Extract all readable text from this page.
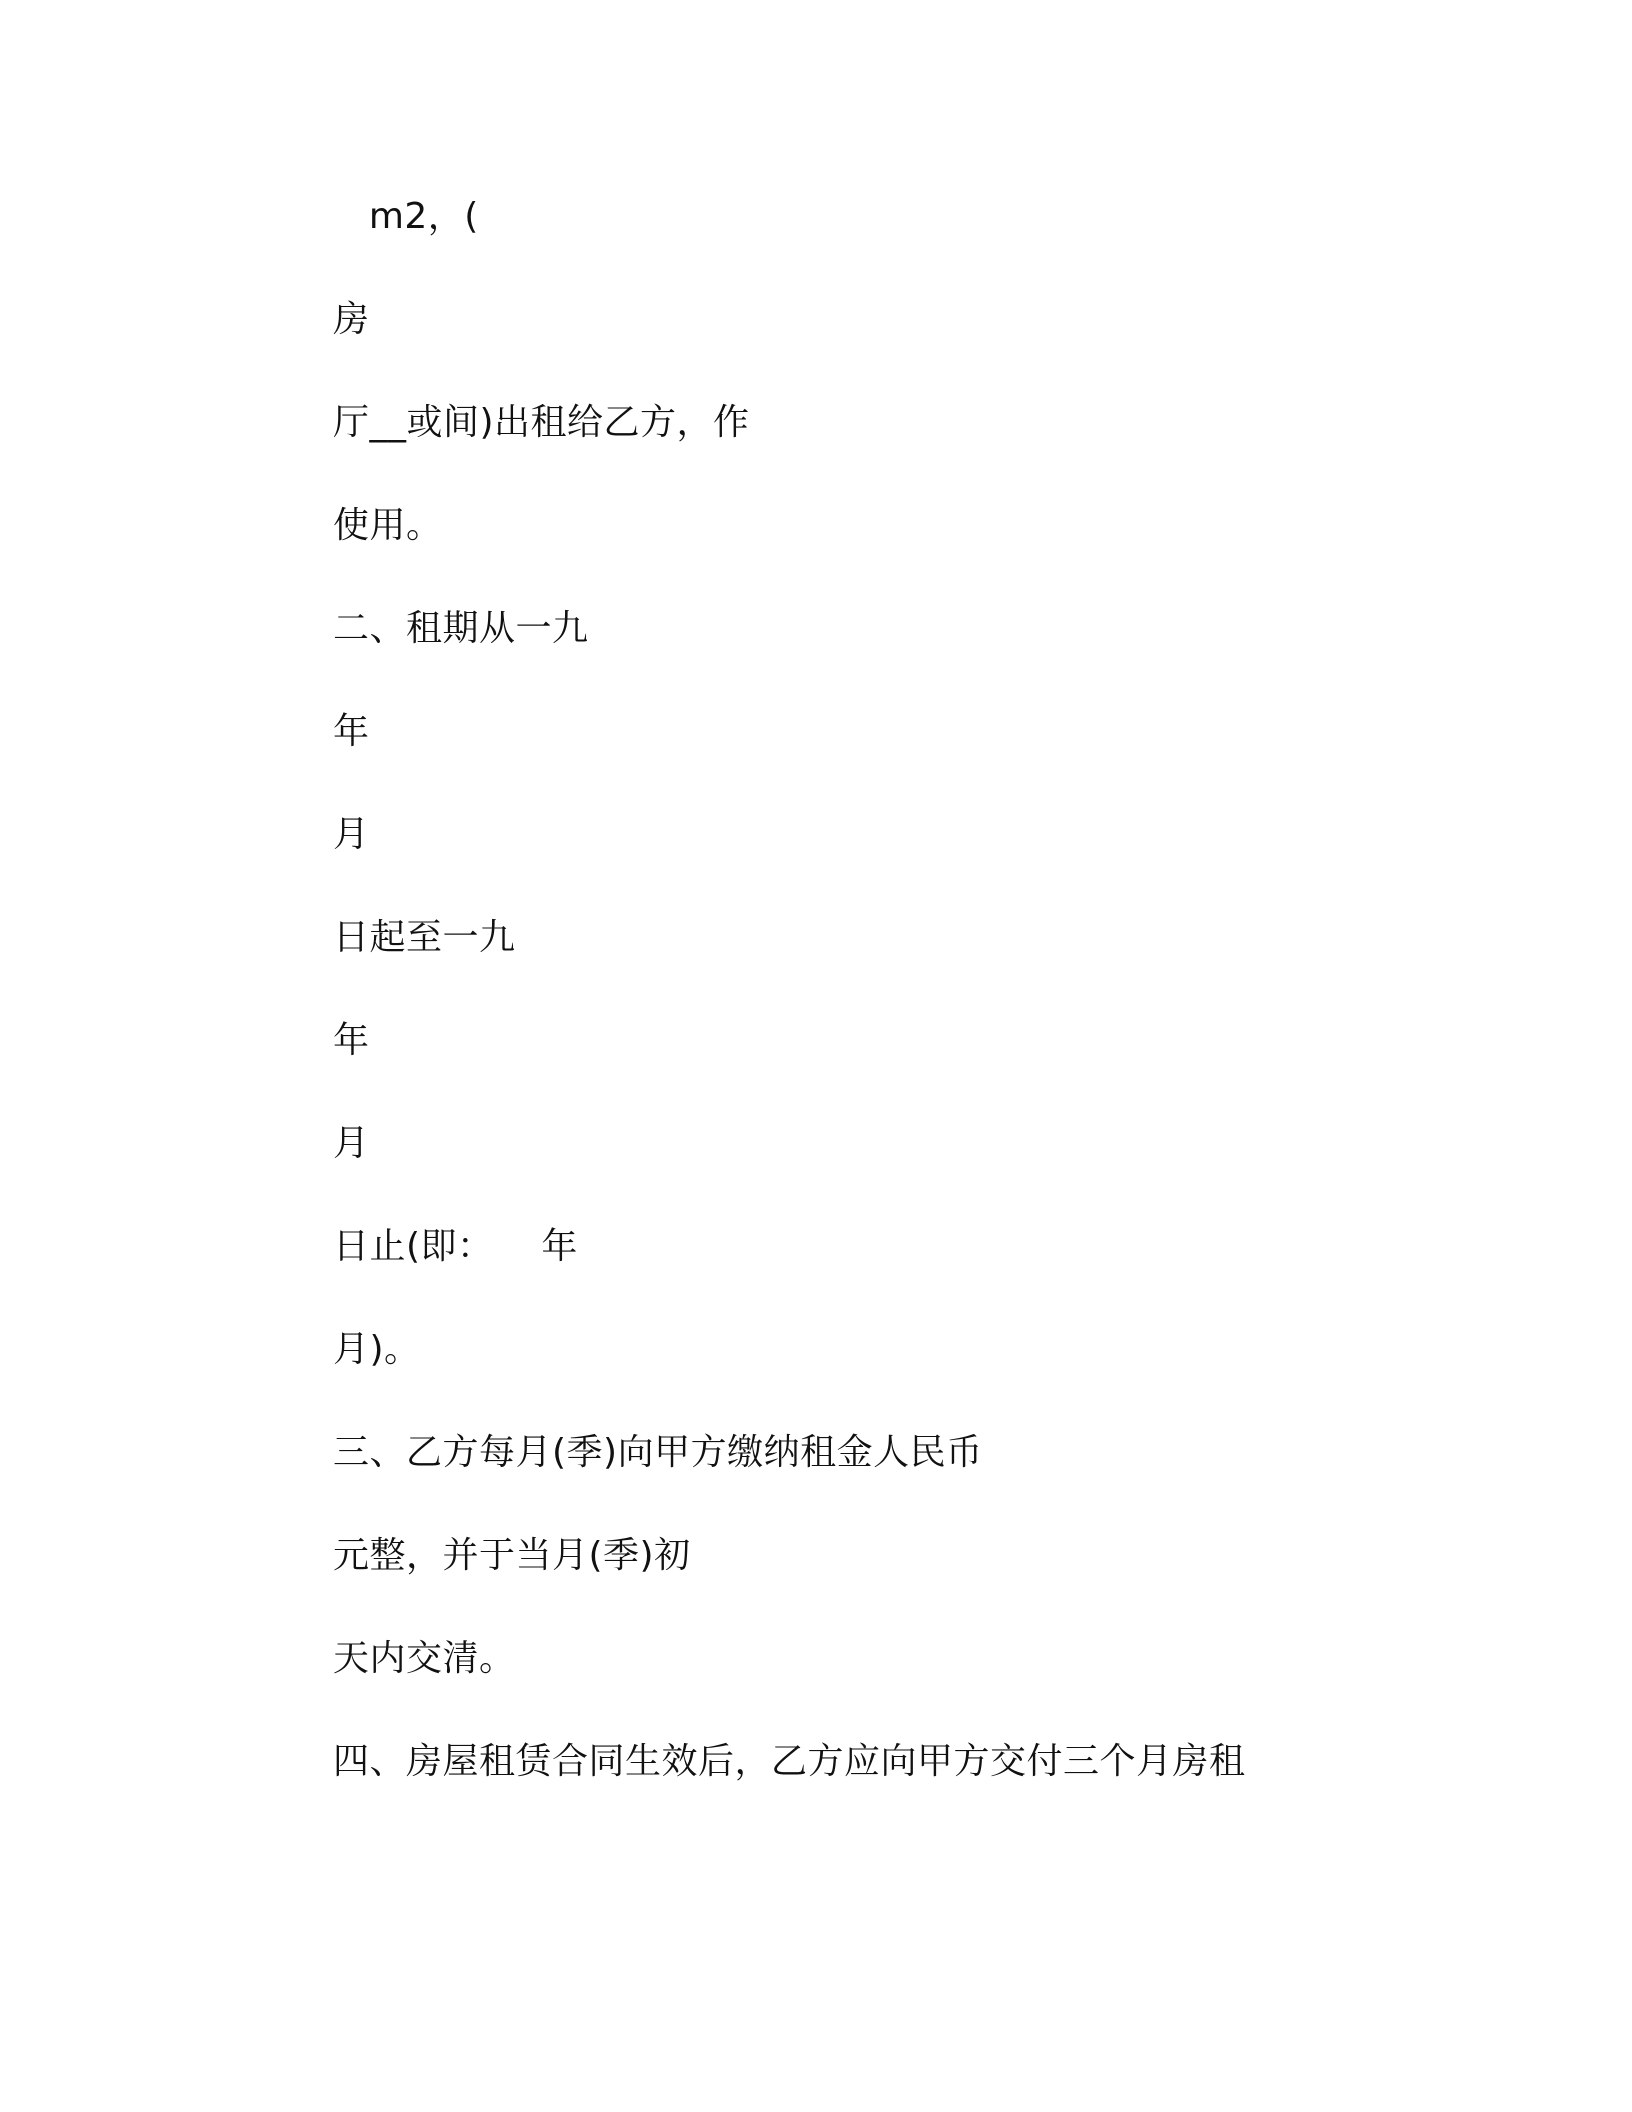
m2，(
房
厅__或间)出租给乙方，作
使用。
二、租期从一九
年
月
日起至一九
年
月
日止(即：    年
月)。
三、乙方每月(季)向甲方缴纳租金人民币
元整，并于当月(季)初
天内交清。
四、房屋租赁合同生效后，乙方应向甲方交付三个月房租
